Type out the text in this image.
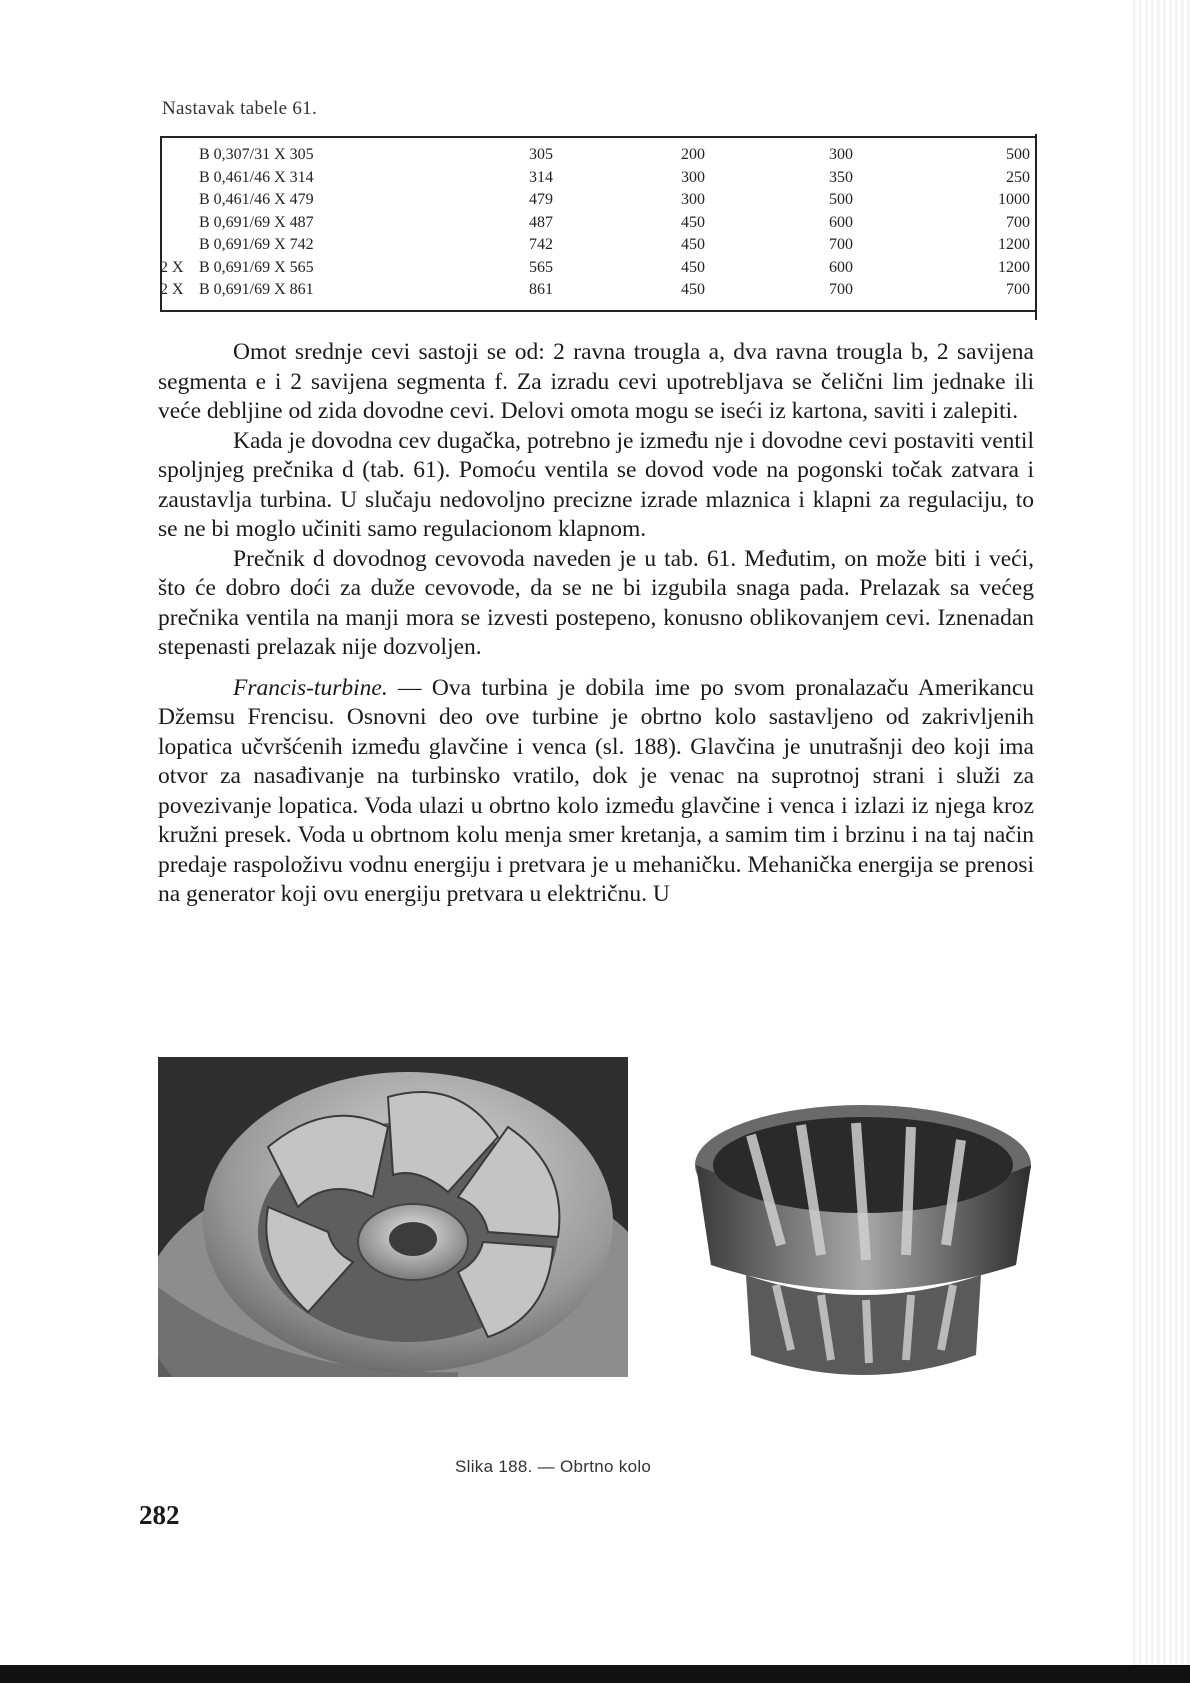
Nastavak tabele 61.
	B 0,307/31 X 305	305	200	300	500
	B 0,461/46 X 314	314	300	350	250
	B 0,461/46 X 479	479	300	500	1000
	B 0,691/69 X 487	487	450	600	700
	B 0,691/69 X 742	742	450	700	1200
2 X	B 0,691/69 X 565	565	450	600	1200
2 X	B 0,691/69 X 861	861	450	700	700

Omot srednje cevi sastoji se od: 2 ravna trougla a, dva ravna trougla b, 2 savijena segmenta e i 2 savijena segmenta f. Za izradu cevi upotrebljava se čelični lim jednake ili veće debljine od zida dovodne cevi. Delovi omota mogu se iseći iz kartona, saviti i zalepiti.

Kada je dovodna cev dugačka, potrebno je između nje i dovodne cevi postaviti ventil spoljnjeg prečnika d (tab. 61). Pomoću ventila se dovod vode na pogonski točak zatvara i zaustavlja turbina. U slučaju nedovoljno precizne izrade mlaznica i klapni za regulaciju, to se ne bi moglo učiniti samo regulacionom klapnom.

Prečnik d dovodnog cevovoda naveden je u tab. 61. Međutim, on može biti i veći, što će dobro doći za duže cevovode, da se ne bi izgubila snaga pada. Prelazak sa većeg prečnika ventila na manji mora se izvesti postepeno, konusno oblikovanjem cevi. Iznenadan stepenasti prelazak nije dozvoljen.

Francis-turbine. — Ova turbina je dobila ime po svom pronalazaču Amerikancu Džemsu Frencisu. Osnovni deo ove turbine je obrtno kolo sastavljeno od zakrivljenih lopatica učvršćenih između glavčine i venca (sl. 188). Glavčina je unutrašnji deo koji ima otvor za nasađivanje na turbinsko vratilo, dok je venac na suprotnoj strani i služi za povezivanje lopatica. Voda ulazi u obrtno kolo između glavčine i venca i izlazi iz njega kroz kružni presek. Voda u obrtnom kolu menja smer kretanja, a samim tim i brzinu i na taj način predaje raspoloživu vodnu energiju i pretvara je u mehaničku. Mehanička energija se prenosi na generator koji ovu energiju pretvara u električnu. U

Slika 188. — Obrtno kolo
282
